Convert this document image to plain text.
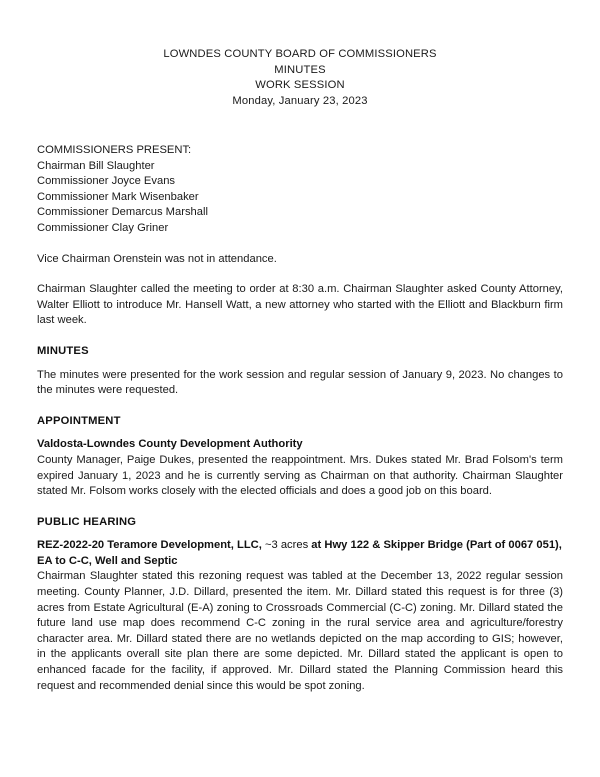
LOWNDES COUNTY BOARD OF COMMISSIONERS
MINUTES
WORK SESSION
Monday, January 23, 2023
COMMISSIONERS PRESENT:
Chairman Bill Slaughter
Commissioner Joyce Evans
Commissioner Mark Wisenbaker
Commissioner Demarcus Marshall
Commissioner Clay Griner

Vice Chairman Orenstein was not in attendance.

Chairman Slaughter called the meeting to order at 8:30 a.m. Chairman Slaughter asked County Attorney, Walter Elliott to introduce Mr. Hansell Watt, a new attorney who started with the Elliott and Blackburn firm last week.

MINUTES

The minutes were presented for the work session and regular session of January 9, 2023. No changes to the minutes were requested.

APPOINTMENT
Valdosta-Lowndes County Development Authority

County Manager, Paige Dukes, presented the reappointment. Mrs. Dukes stated Mr. Brad Folsom's term expired January 1, 2023 and he is currently serving as Chairman on that authority. Chairman Slaughter stated Mr. Folsom works closely with the elected officials and does a good job on this board.

PUBLIC HEARING
REZ-2022-20 Teramore Development, LLC, ~3 acres at Hwy 122 & Skipper Bridge (Part of 0067 051), EA to C-C, Well and Septic

Chairman Slaughter stated this rezoning request was tabled at the December 13, 2022 regular session meeting. County Planner, J.D. Dillard, presented the item. Mr. Dillard stated this request is for three (3) acres from Estate Agricultural (E-A) zoning to Crossroads Commercial (C-C) zoning. Mr. Dillard stated the future land use map does recommend C-C zoning in the rural service area and agriculture/forestry character area. Mr. Dillard stated there are no wetlands depicted on the map according to GIS; however, in the applicants overall site plan there are some depicted. Mr. Dillard stated the applicant is open to enhanced facade for the facility, if approved. Mr. Dillard stated the Planning Commission heard this request and recommended denial since this would be spot zoning.
